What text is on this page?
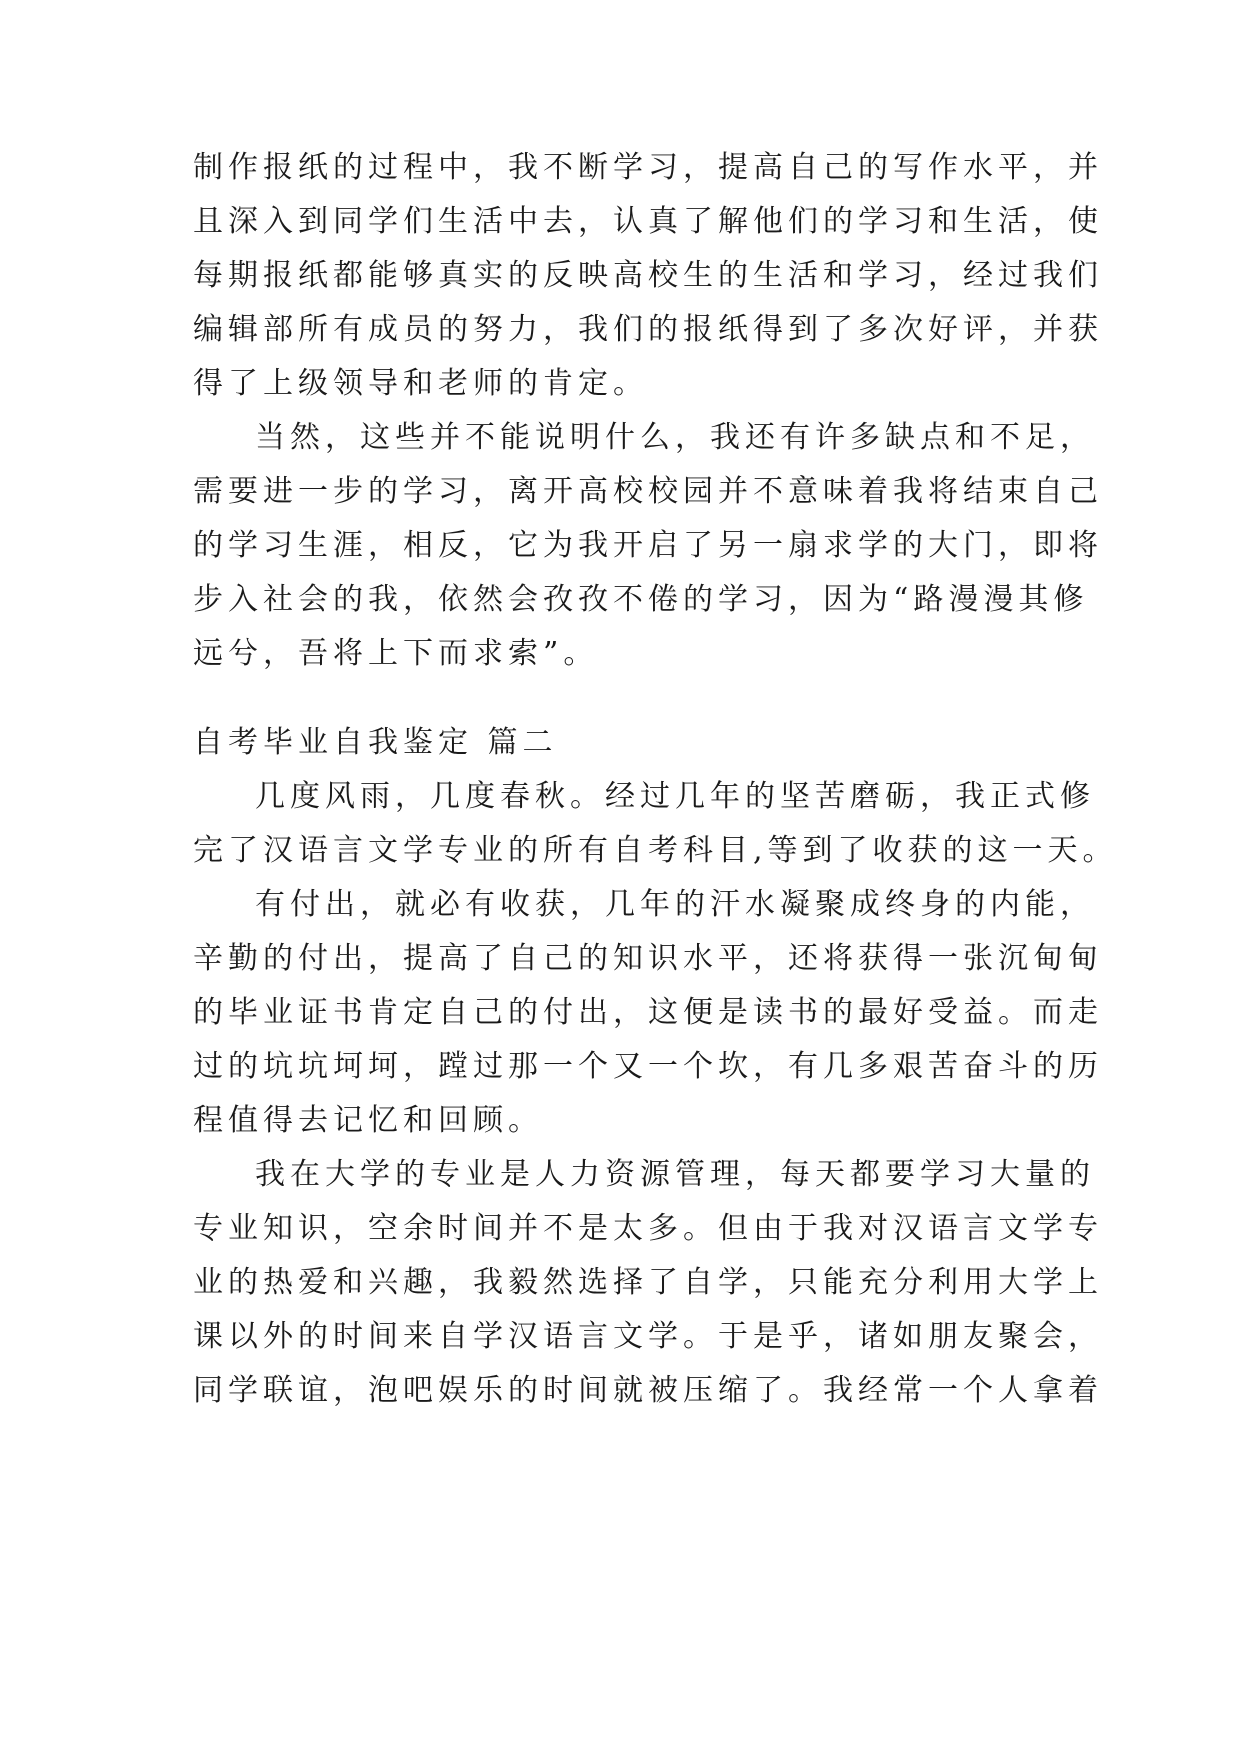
制作报纸的过程中，我不断学习，提高自己的写作水平，并
且深入到同学们生活中去，认真了解他们的学习和生活，使
每期报纸都能够真实的反映高校生的生活和学习，经过我们
编辑部所有成员的努力，我们的报纸得到了多次好评，并获
得了上级领导和老师的肯定。
当然，这些并不能说明什么，我还有许多缺点和不足，
需要进一步的学习，离开高校校园并不意味着我将结束自己
的学习生涯，相反，它为我开启了另一扇求学的大门，即将
步入社会的我，依然会孜孜不倦的学习，因为“路漫漫其修
远兮，吾将上下而求索”。
自考毕业自我鉴定 篇二
几度风雨，几度春秋。经过几年的坚苦磨砺，我正式修
完了汉语言文学专业的所有自考科目,等到了收获的这一天。
有付出，就必有收获，几年的汗水凝聚成终身的内能，
辛勤的付出，提高了自己的知识水平，还将获得一张沉甸甸
的毕业证书肯定自己的付出，这便是读书的最好受益。而走
过的坑坑坷坷，蹚过那一个又一个坎，有几多艰苦奋斗的历
程值得去记忆和回顾。
我在大学的专业是人力资源管理，每天都要学习大量的
专业知识，空余时间并不是太多。但由于我对汉语言文学专
业的热爱和兴趣，我毅然选择了自学，只能充分利用大学上
课以外的时间来自学汉语言文学。于是乎，诸如朋友聚会，
同学联谊，泡吧娱乐的时间就被压缩了。我经常一个人拿着
